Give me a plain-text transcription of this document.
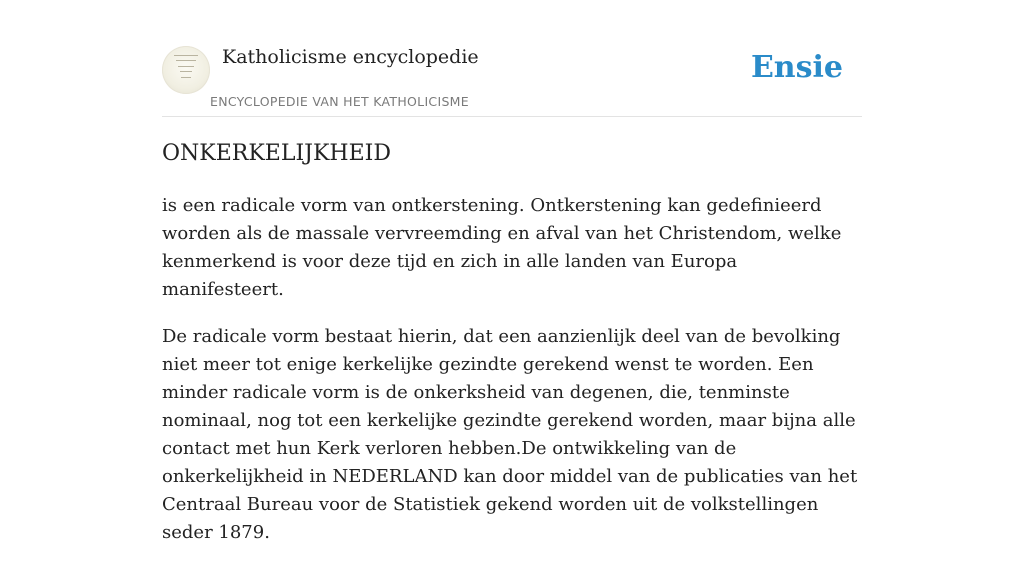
Katholicisme encyclopedie
ENCYCLOPEDIE VAN HET KATHOLICISME
Ensie
ONKERKELIJKHEID

is een radicale vorm van ontkerstening. Ontkerstening kan gedefinieerd worden als de massale vervreemding en afval van het Christendom, welke kenmerkend is voor deze tijd en zich in alle landen van Europa manifesteert.

De radicale vorm bestaat hierin, dat een aanzienlijk deel van de bevolking niet meer tot enige kerkelijke gezindte gerekend wenst te worden. Een minder radicale vorm is de onkerksheid van degenen, die, tenminste nominaal, nog tot een kerkelijke gezindte gerekend worden, maar bijna alle contact met hun Kerk verloren hebben.De ontwikkeling van de onkerkelijkheid in NEDERLAND kan door middel van de publicaties van het Centraal Bureau voor de Statistiek gekend worden uit de volkstellingen seder 1879.
